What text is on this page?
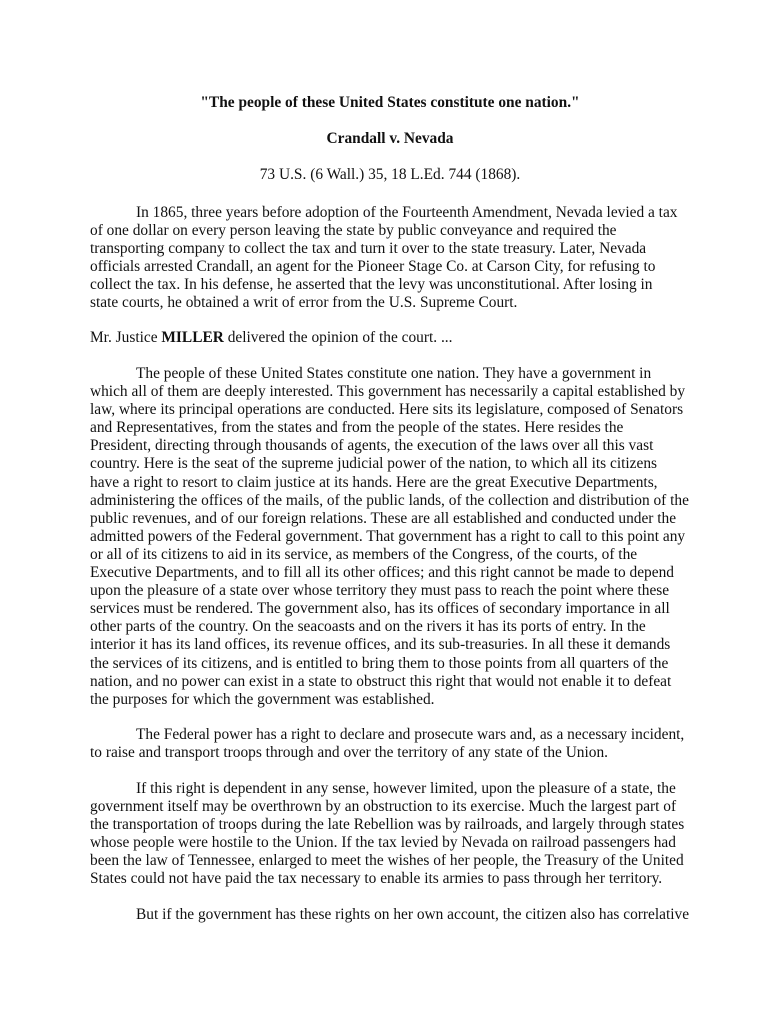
"The people of these United States constitute one nation."

Crandall v. Nevada

73 U.S. (6 Wall.) 35, 18 L.Ed. 744 (1868).

In 1865, three years before adoption of the Fourteenth Amendment, Nevada levied a tax
of one dollar on every person leaving the state by public conveyance and required the
transporting company to collect the tax and turn it over to the state treasury. Later, Nevada
officials arrested Crandall, an agent for the Pioneer Stage Co. at Carson City, for refusing to
collect the tax. In his defense, he asserted that the levy was unconstitutional. After losing in
state courts, he obtained a writ of error from the U.S. Supreme Court.
Mr. Justice MILLER delivered the opinion of the court. ...
The people of these United States constitute one nation. They have a government in
which all of them are deeply interested. This government has necessarily a capital established by
law, where its principal operations are conducted. Here sits its legislature, composed of Senators
and Representatives, from the states and from the people of the states. Here resides the
President, directing through thousands of agents, the execution of the laws over all this vast
country. Here is the seat of the supreme judicial power of the nation, to which all its citizens
have a right to resort to claim justice at its hands. Here are the great Executive Departments,
administering the offices of the mails, of the public lands, of the collection and distribution of the
public revenues, and of our foreign relations. These are all established and conducted under the
admitted powers of the Federal government. That government has a right to call to this point any
or all of its citizens to aid in its service, as members of the Congress, of the courts, of the
Executive Departments, and to fill all its other offices; and this right cannot be made to depend
upon the pleasure of a state over whose territory they must pass to reach the point where these
services must be rendered. The government also, has its offices of secondary importance in all
other parts of the country. On the seacoasts and on the rivers it has its ports of entry. In the
interior it has its land offices, its revenue offices, and its sub-treasuries. In all these it demands
the services of its citizens, and is entitled to bring them to those points from all quarters of the
nation, and no power can exist in a state to obstruct this right that would not enable it to defeat
the purposes for which the government was established.
The Federal power has a right to declare and prosecute wars and, as a necessary incident,
to raise and transport troops through and over the territory of any state of the Union.
If this right is dependent in any sense, however limited, upon the pleasure of a state, the
government itself may be overthrown by an obstruction to its exercise. Much the largest part of
the transportation of troops during the late Rebellion was by railroads, and largely through states
whose people were hostile to the Union. If the tax levied by Nevada on railroad passengers had
been the law of Tennessee, enlarged to meet the wishes of her people, the Treasury of the United
States could not have paid the tax necessary to enable its armies to pass through her territory.
But if the government has these rights on her own account, the citizen also has correlative
